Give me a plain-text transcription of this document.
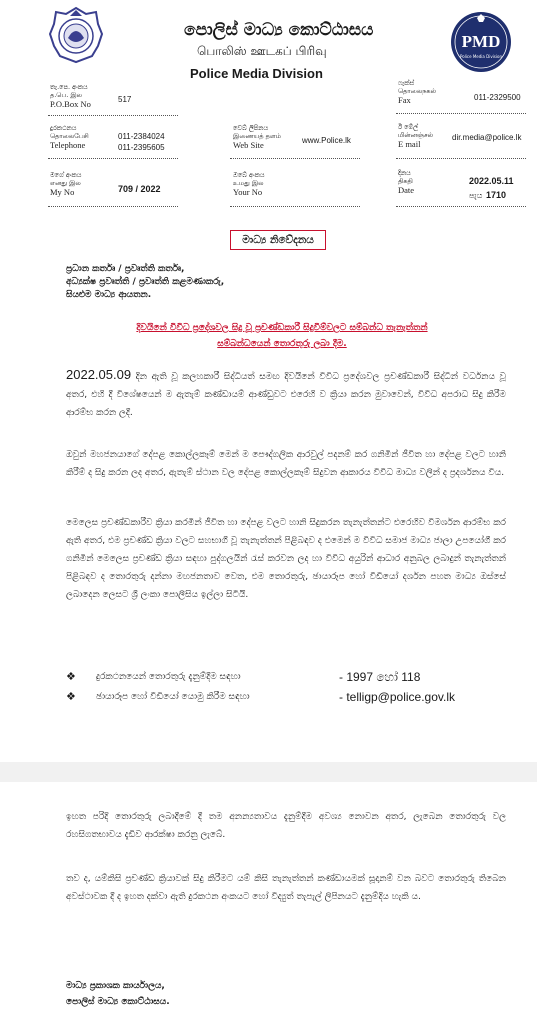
පොලිස් මාධ්‍ය කොට්ඨාසය
பொலிஸ் ஊடகப் பிரிவு
Police Media Division
PMD
Police Media Division
තැ.පෙ. අංකය
த.பெ. இல
P.O.Box No	517
ෆැක්ස්
தொலைநகல்
Fax	011-2329500
දුරකථනය
தொலைபேசி
Telephone
011-2384024
011-2395605
වෙබ් ලිපිනය
இணையத் தளம்
Web Site	www.Police.lk
ඊ මේල්
மின்னஞ்சல்
E mail
dir.media@police.lk
මගේ අංකය
எனது இல
My No	709 / 2022
ඔබේ අංකය
உமது இல
Your No
දිනය
திகதி
Date
2022.05.11
පැය 1710
මාධ්‍ය නිවේදනය
ප්‍රධාන කර්තෘ / ප්‍රවෘත්ති කර්තෘ,
අධ්‍යක්ෂ ප්‍රවෘත්ති / ප්‍රවෘත්ති කළමණාකරු,
සියළුම මාධ්‍ය ආයතන.
දිවයිනේ විවිධ ප්‍රදේශවල සිදු වූ ප්‍රචණ්ඩකාරී සිදුවීම්වලට සම්බන්ධ තැනැත්තන්
සම්බන්ධයෙන් තොරතුරු ලබා දීම.
2022.05.09 දින ඇති වූ කලහකාරී සිද්ධියත් සමඟ දිවයිනේ විවිධ ප්‍රදේශවල ප්‍රචණ්ඩකාරී සිද්ධීන් වර්ධනය වූ අතර, එහි දී විශේෂයෙන් ම ඇතැම් කණ්ඩායම් ආණ්ඩුවට එරෙහි ව ක්‍රියා කරන මුවාවෙන්, විවිධ අපරාධ සිදු කිරීම ආරම්භ කරන ලදී.
ඔවුන් මහජනයාගේ දේපළ කොල්ලකෑම් මෙන් ම පෞද්ගලික ආරවුල් පදනම් කර ගනිමින් ජීවිත හා දේපළ වලට හානි කිරීම් ද සිදු කරන ලද අතර, ඇතැම් ස්ථාන වල දේපළ කොල්ලකෑම් සිදුවන ආකාරය විවිධ මාධ්‍ය වලින් ද ප්‍රදර්ශනය විය.
මෙලෙස ප්‍රචණ්ඩකාරීව ක්‍රියා කරමින් ජීවිත හා දේපළ වලට හානි සිදුකරන තැනැත්තන්ට එරෙහිව විමර්ශන ආරම්භ කර ඇති අතර, එම ප්‍රචණ්ඩ ක්‍රියා වලට සහභාගී වූ තැනැත්තන් පිළිබඳව ද එමෙන් ම විවිධ සමාජ මාධ්‍ය ජාලා උපයෝගී කර ගනිමින් මෙලෙස ප්‍රචණ්ඩ ක්‍රියා සඳහා පුද්ගලයින් රැස් කරවන ලද හා විවිධ අයුරින් ආධාර අනුබල ලබාදුන් තැනැත්තන් පිළිබඳව ද තොරතුරු දන්නා මහජනතාව වෙත, එම තොරතුරු, ඡායාරූප හෝ වීඩියෝ දර්ශන පහත මාධ්‍ය ඔස්සේ ලබාදෙන ලෙසට ශ්‍රී ලංකා පොලීසිය ඉල්ලා සිටියි.
❖ දුරකථනයෙන් තොරතුරු දැනුම්දීම සඳහා	- 1997 හෝ 118
❖ ඡායාරූප හෝ වීඩියෝ යොමු කිරීම සඳහා	- telligp@police.gov.lk
ඉහත පරිදි තොරතුරු ලබාදීමේ දී තම අනන්‍යතාවය දැනුම්දීම අවශ්‍ය නොවන අතර, ලැබෙන තොරතුරු වල රහසිගතභාවය දැඩිව ආරක්ෂා කරනු ලැබේ.
තව ද, යම්කිසි ප්‍රචණ්ඩ ක්‍රියාවක් සිදු කිරීමට යම් කිසි තැනැත්තන් කණ්ඩායමක් සූදානම් වන බවට තොරතුරු තිබෙන අවස්ථාවක දී ද ඉහත දක්වා ඇති දුරකථන අංකයට හෝ විද්‍යුත් තැපැල් ලිපිනයට දැනුම්දිය හැකි ය.
මාධ්‍ය ප්‍රකාශක කාර්යාලය,
පොලිස් මාධ්‍ය කොට්ඨාසය.
